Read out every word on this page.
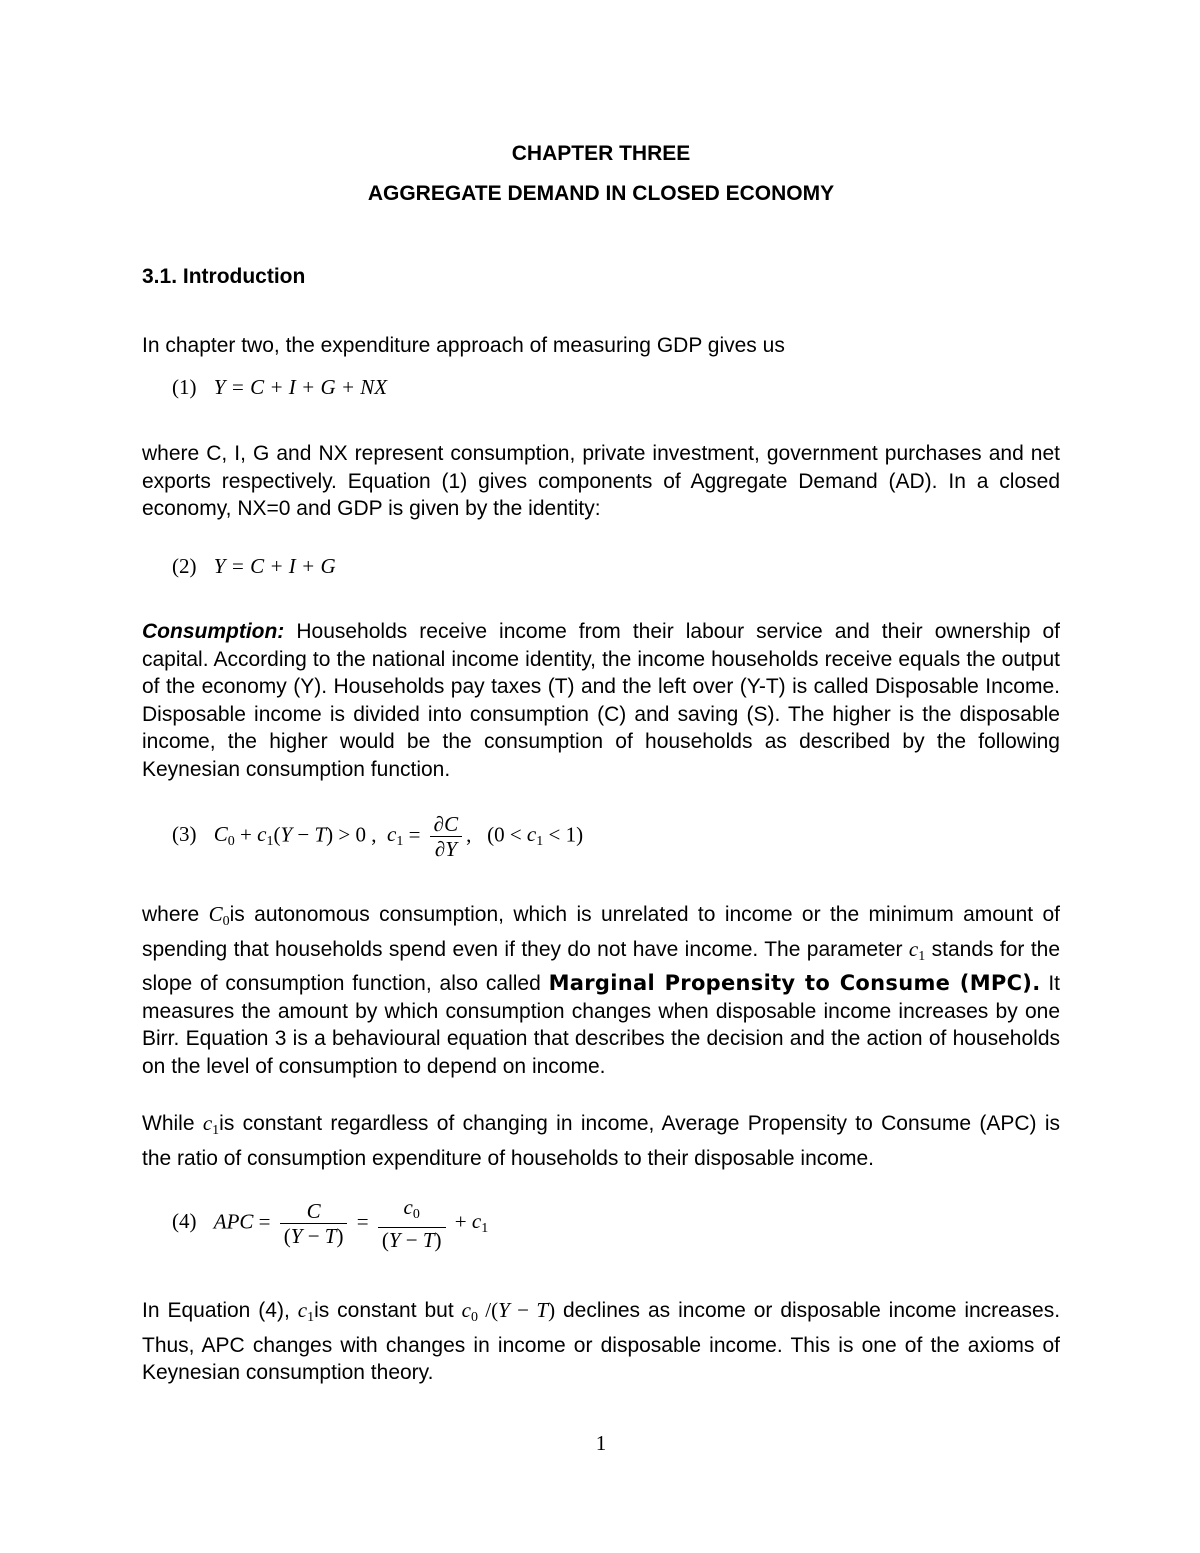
CHAPTER THREE
AGGREGATE DEMAND IN CLOSED ECONOMY
3.1. Introduction
In chapter two, the expenditure approach of measuring GDP gives us
(1) Y = C + I + G + NX
where C, I, G and NX represent consumption, private investment, government purchases and net exports respectively. Equation (1) gives components of Aggregate Demand (AD). In a closed economy, NX=0 and GDP is given by the identity:
(2) Y = C + I + G
Consumption: Households receive income from their labour service and their ownership of capital. According to the national income identity, the income households receive equals the output of the economy (Y). Households pay taxes (T) and the left over (Y-T) is called Disposable Income. Disposable income is divided into consumption (C) and saving (S). The higher is the disposable income, the higher would be the consumption of households as described by the following Keynesian consumption function.
(3) $C_0 + c_1(Y - T) > 0$ ,  $c_1 = \frac{\partial C}{\partial Y}$ ,   $(0 < c_1 < 1)$
where $C_0is$ autonomous consumption, which is unrelated to income or the minimum amount of spending that households spend even if they do not have income. The parameter $c_1$ stands for the slope of consumption function, also called Marginal Propensity to Consume (MPC). It measures the amount by which consumption changes when disposable income increases by one Birr. Equation 3 is a behavioural equation that describes the decision and the action of households on the level of consumption to depend on income.
While $c_1is$ constant regardless of changing in income, Average Propensity to Consume (APC) is the ratio of consumption expenditure of households to their disposable income.
(4) APC = $\frac{C}{(Y - T)} = \frac{c_0}{(Y - T)} + c_1$
In Equation (4), $c_1is$ constant but $c_0$ /(Y − T) declines as income or disposable income increases. Thus, APC changes with changes in income or disposable income. This is one of the axioms of Keynesian consumption theory.
1
